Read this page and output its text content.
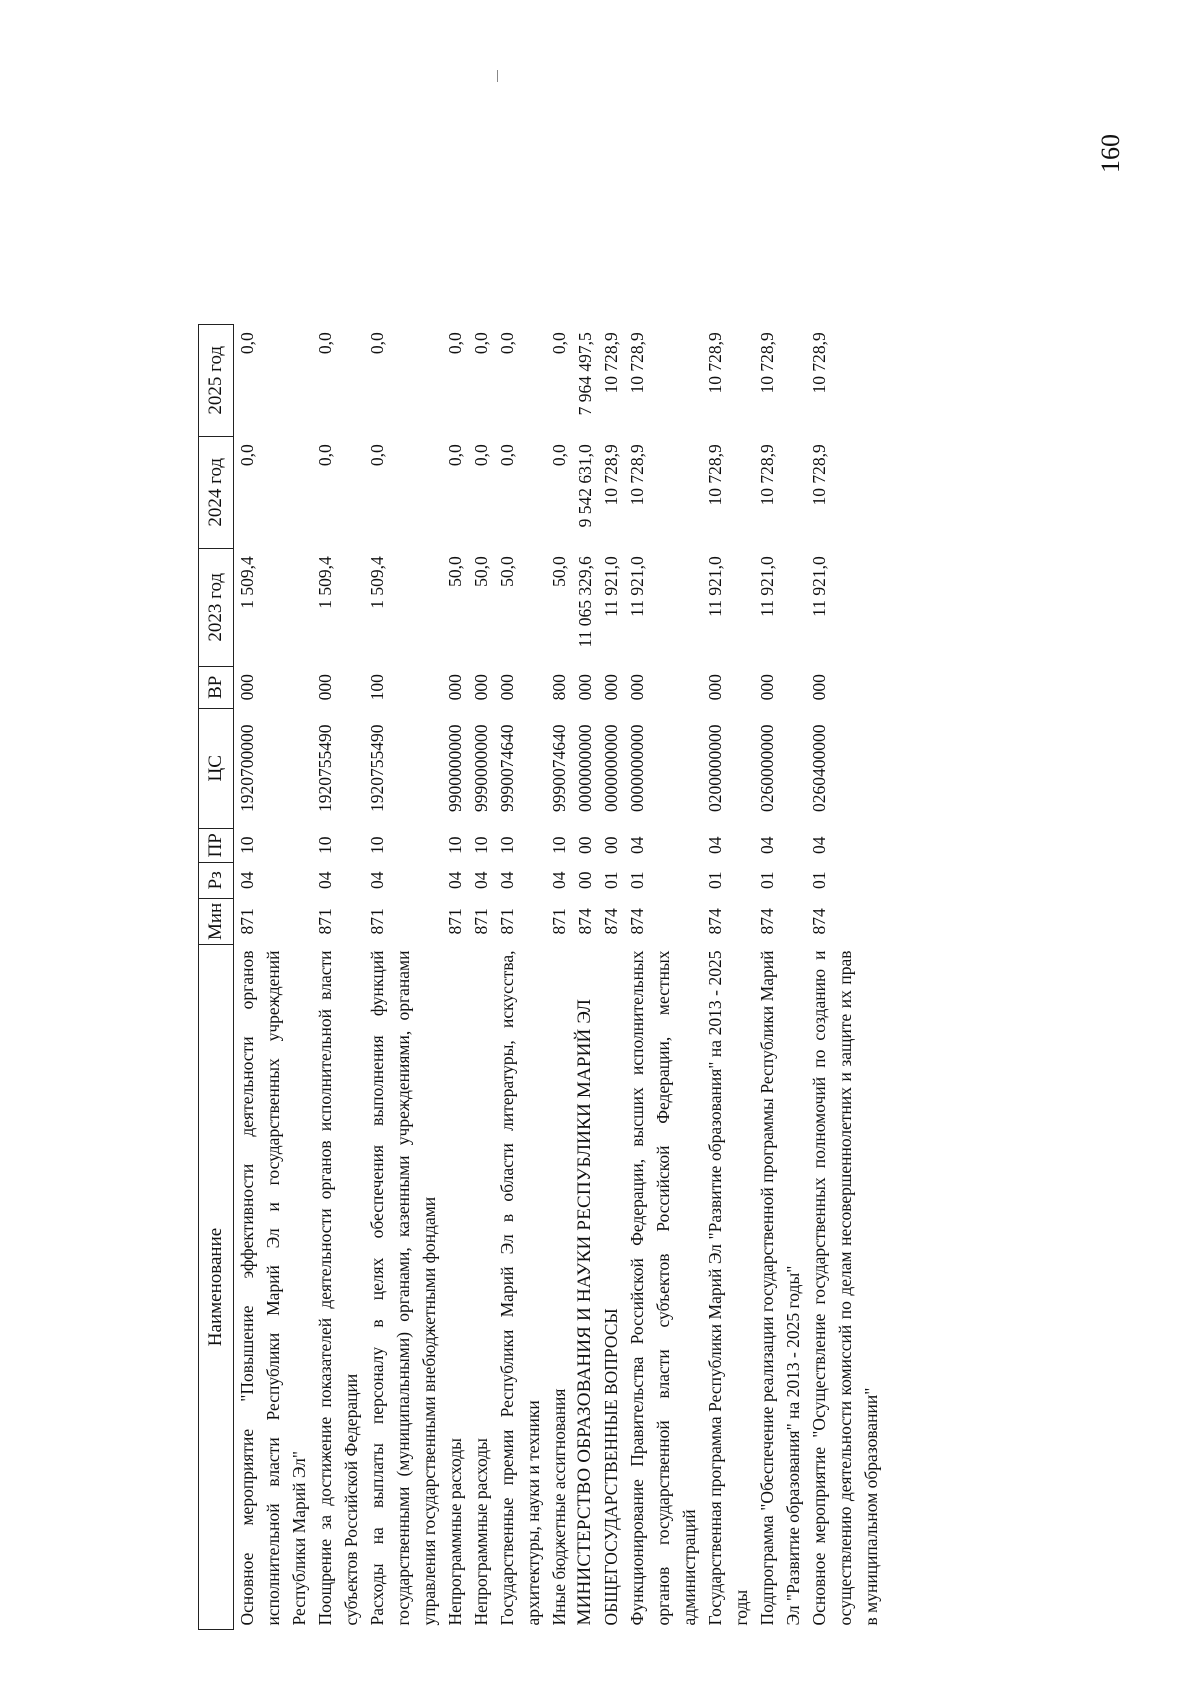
160
Наименование	Мин	Рз	ПР	ЦС	ВР	2023 год	2024 год	2025 год
Основное мероприятие "Повышение эффективности деятельности органов исполнительной власти Республики Марий Эл и государственных учреждений Республики Марий Эл"	871	04	10	1920700000	000	1 509,4	0,0	0,0
Поощрение за достижение показателей деятельности органов исполнительной власти субъектов Российской Федерации	871	04	10	1920755490	000	1 509,4	0,0	0,0
Расходы на выплаты персоналу в целях обеспечения выполнения функций государственными (муниципальными) органами, казенными учреждениями, органами управления государственными внебюджетными фондами	871	04	10	1920755490	100	1 509,4	0,0	0,0
Непрограммные расходы	871	04	10	9900000000	000	50,0	0,0	0,0
Непрограммные расходы	871	04	10	9990000000	000	50,0	0,0	0,0
Государственные премии Республики Марий Эл в области литературы, искусства, архитектуры, науки и техники	871	04	10	9990074640	000	50,0	0,0	0,0
Иные бюджетные ассигнования	871	04	10	9990074640	800	50,0	0,0	0,0
МИНИСТЕРСТВО ОБРАЗОВАНИЯ И НАУКИ РЕСПУБЛИКИ МАРИЙ ЭЛ	874	00	00	0000000000	000	11 065 329,6	9 542 631,0	7 964 497,5
ОБЩЕГОСУДАРСТВЕННЫЕ ВОПРОСЫ	874	01	00	0000000000	000	11 921,0	10 728,9	10 728,9
Функционирование Правительства Российской Федерации, высших исполнительных органов государственной власти субъектов Российской Федерации, местных администраций	874	01	04	0000000000	000	11 921,0	10 728,9	10 728,9
Государственная программа Республики Марий Эл "Развитие образования" на 2013 - 2025 годы	874	01	04	0200000000	000	11 921,0	10 728,9	10 728,9
Подпрограмма "Обеспечение реализации государственной программы Республики Марий Эл "Развитие образования" на 2013 - 2025 годы"	874	01	04	0260000000	000	11 921,0	10 728,9	10 728,9
Основное мероприятие "Осуществление государственных полномочий по созданию и осуществлению деятельности комиссий по делам несовершеннолетних и защите их прав в муниципальном образовании"	874	01	04	0260400000	000	11 921,0	10 728,9	10 728,9
